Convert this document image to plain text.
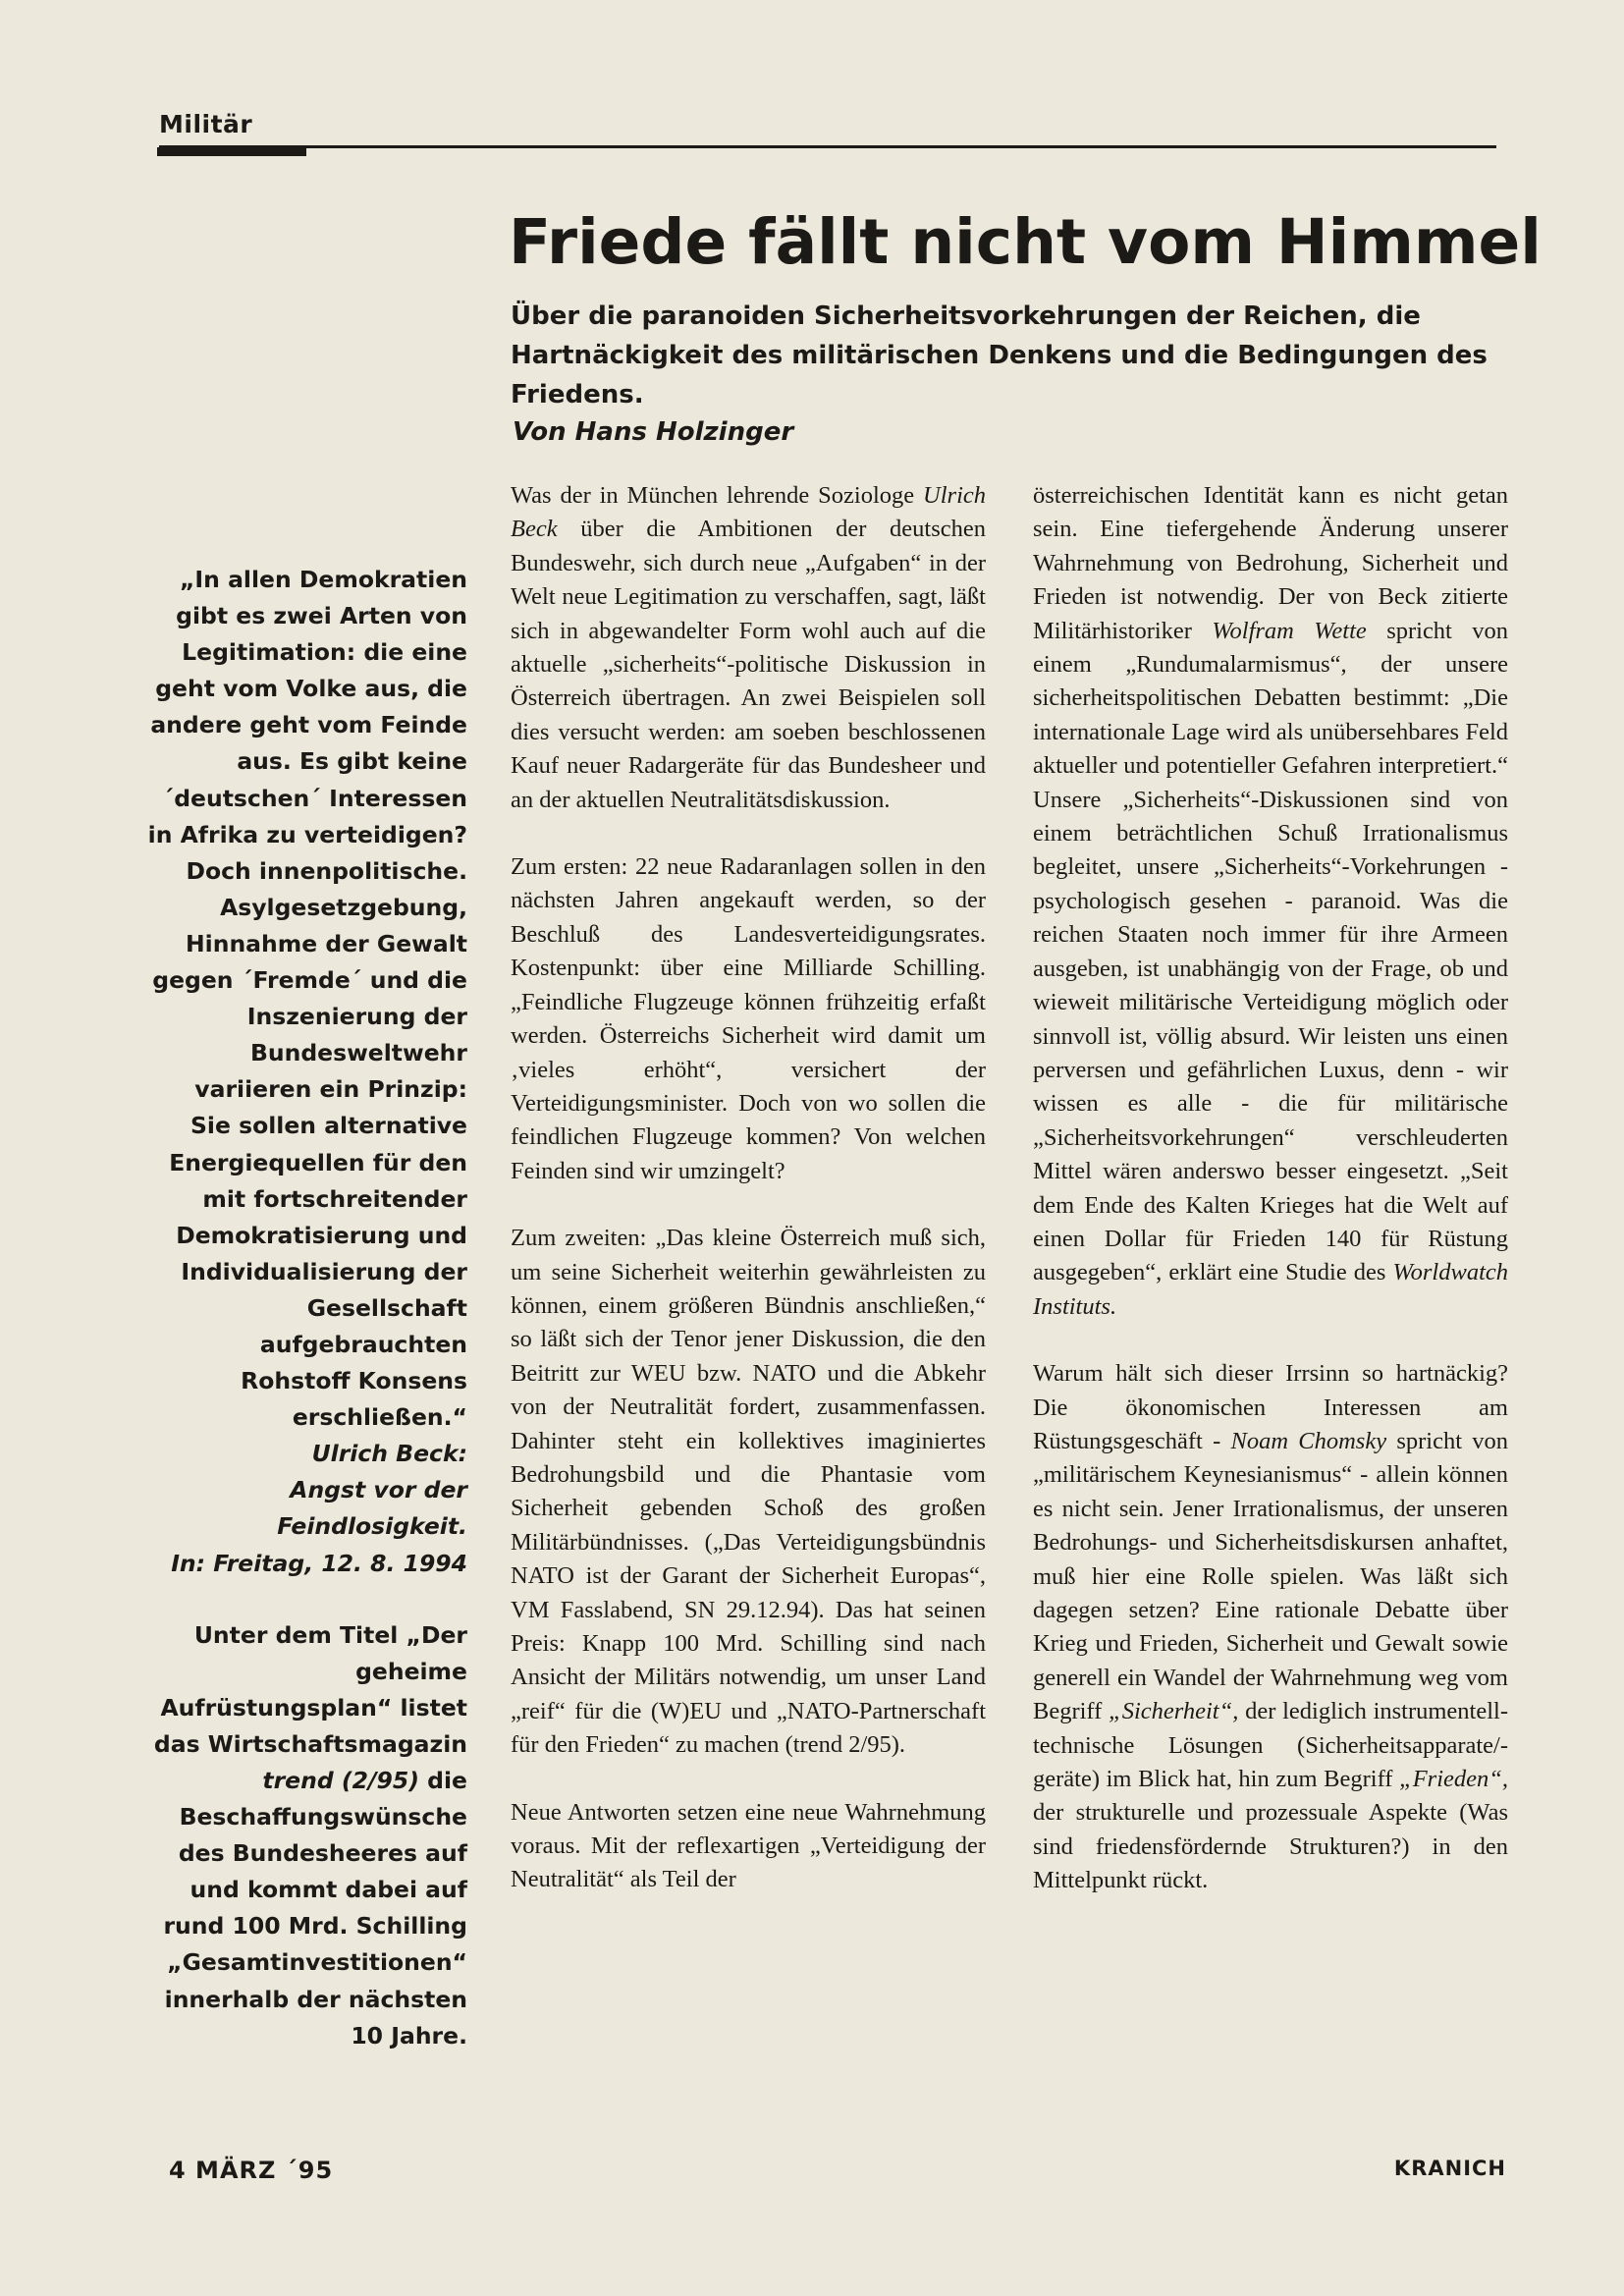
Militär
Friede fällt nicht vom Himmel

Über die paranoiden Sicherheitsvorkehrungen der Reichen, die Hartnäckigkeit des militärischen Denkens und die Bedingungen des Friedens.

Von Hans Holzinger

„In allen Demokratien gibt es zwei Arten von Legitimation: die eine geht vom Volke aus, die andere geht vom Feinde aus. Es gibt keine ´deutschen´ Interessen in Afrika zu verteidigen? Doch innenpolitische. Asylgesetzgebung, Hinnahme der Gewalt gegen ´Fremde´ und die Inszenierung der Bundesweltwehr variieren ein Prinzip: Sie sollen alternative Energiequellen für den mit fortschreitender Demokratisierung und Individualisierung der Gesellschaft aufgebrauchten Rohstoff Konsens erschließen.“

Ulrich Beck:

Angst vor der Feindlosigkeit.

In: Freitag, 12. 8. 1994

Unter dem Titel „Der geheime Aufrüstungsplan“ listet das Wirtschaftsmagazin trend (2/95) die Beschaffungswünsche des Bundesheeres auf und kommt dabei auf rund 100 Mrd. Schilling „Gesamtinvestitionen“ innerhalb der nächsten 10 Jahre.

Was der in München lehrende Soziologe Ulrich Beck über die Ambitionen der deutschen Bundeswehr, sich durch neue „Aufgaben“ in der Welt neue Legitimation zu verschaffen, sagt, läßt sich in abgewandelter Form wohl auch auf die aktuelle „sicherheits“-politische Diskussion in Österreich übertragen. An zwei Beispielen soll dies versucht werden: am soeben beschlossenen Kauf neuer Radargeräte für das Bundesheer und an der aktuellen Neutralitätsdiskussion.

Zum ersten: 22 neue Radaranlagen sollen in den nächsten Jahren angekauft werden, so der Beschluß des Landesverteidigungsrates. Kostenpunkt: über eine Milliarde Schilling. „Feindliche Flugzeuge können frühzeitig erfaßt werden. Österreichs Sicherheit wird damit um ‚vieles erhöht“, versichert der Verteidigungsminister. Doch von wo sollen die feindlichen Flugzeuge kommen? Von welchen Feinden sind wir umzingelt?

Zum zweiten: „Das kleine Österreich muß sich, um seine Sicherheit weiterhin gewährleisten zu können, einem größeren Bündnis anschließen,“ so läßt sich der Tenor jener Diskussion, die den Beitritt zur WEU bzw. NATO und die Abkehr von der Neutralität fordert, zusammenfassen. Dahinter steht ein kollektives imaginiertes Bedrohungsbild und die Phantasie vom Sicherheit gebenden Schoß des großen Militärbündnisses. („Das Verteidigungsbündnis NATO ist der Garant der Sicherheit Europas“, VM Fasslabend, SN 29.12.94). Das hat seinen Preis: Knapp 100 Mrd. Schilling sind nach Ansicht der Militärs notwendig, um unser Land „reif“ für die (W)EU und „NATO-Partnerschaft für den Frieden“ zu machen (trend 2/95).

Neue Antworten setzen eine neue Wahrnehmung voraus. Mit der reflexartigen „Verteidigung der Neutralität“ als Teil der

österreichischen Identität kann es nicht getan sein. Eine tiefergehende Änderung unserer Wahrnehmung von Bedrohung, Sicherheit und Frieden ist notwendig. Der von Beck zitierte Militärhistoriker Wolfram Wette spricht von einem „Rundumalarmismus“, der unsere sicherheitspolitischen Debatten bestimmt: „Die internationale Lage wird als unübersehbares Feld aktueller und potentieller Gefahren interpretiert.“ Unsere „Sicherheits“-Diskussionen sind von einem beträchtlichen Schuß Irrationalismus begleitet, unsere „Sicherheits“-Vorkehrungen - psychologisch gesehen - paranoid. Was die reichen Staaten noch immer für ihre Armeen ausgeben, ist unabhängig von der Frage, ob und wieweit militärische Verteidigung möglich oder sinnvoll ist, völlig absurd. Wir leisten uns einen perversen und gefährlichen Luxus, denn - wir wissen es alle - die für militärische „Sicherheitsvorkehrungen“ verschleuderten Mittel wären anderswo besser eingesetzt. „Seit dem Ende des Kalten Krieges hat die Welt auf einen Dollar für Frieden 140 für Rüstung ausgegeben“, erklärt eine Studie des Worldwatch Instituts.

Warum hält sich dieser Irrsinn so hartnäckig? Die ökonomischen Interessen am Rüstungsgeschäft - Noam Chomsky spricht von „militärischem Keynesianismus“ - allein können es nicht sein. Jener Irrationalismus, der unseren Bedrohungs- und Sicherheitsdiskursen anhaftet, muß hier eine Rolle spielen. Was läßt sich dagegen setzen? Eine rationale Debatte über Krieg und Frieden, Sicherheit und Gewalt sowie generell ein Wandel der Wahrnehmung weg vom Begriff „Sicherheit“, der lediglich instrumentell-technische Lösungen (Sicherheitsapparate/-geräte) im Blick hat, hin zum Begriff „Frieden“, der strukturelle und prozessuale Aspekte (Was sind friedensfördernde Strukturen?) in den Mittelpunkt rückt.

4 MÄRZ ´95	KRANICH
